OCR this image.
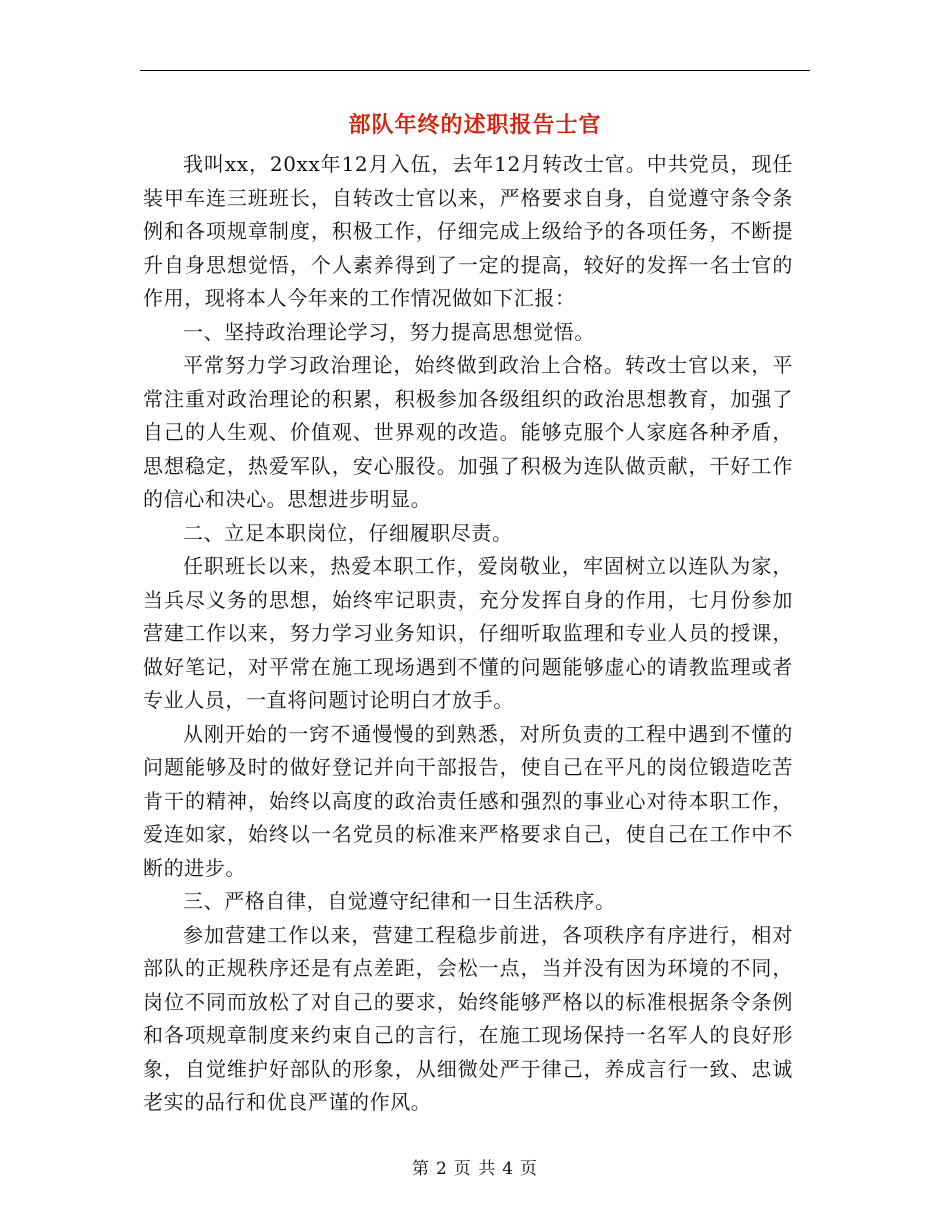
部队年终的述职报告士官

我叫xx，20xx年12月入伍，去年12月转改士官。中共党员，现任装甲车连三班班长，自转改士官以来，严格要求自身，自觉遵守条令条例和各项规章制度，积极工作，仔细完成上级给予的各项任务，不断提升自身思想觉悟，个人素养得到了一定的提高，较好的发挥一名士官的作用，现将本人今年来的工作情况做如下汇报：

一、坚持政治理论学习，努力提高思想觉悟。

平常努力学习政治理论，始终做到政治上合格。转改士官以来，平常注重对政治理论的积累，积极参加各级组织的政治思想教育，加强了自己的人生观、价值观、世界观的改造。能够克服个人家庭各种矛盾，思想稳定，热爱军队，安心服役。加强了积极为连队做贡献，干好工作的信心和决心。思想进步明显。

二、立足本职岗位，仔细履职尽责。

任职班长以来，热爱本职工作，爱岗敬业，牢固树立以连队为家，当兵尽义务的思想，始终牢记职责，充分发挥自身的作用，七月份参加营建工作以来，努力学习业务知识，仔细听取监理和专业人员的授课，做好笔记，对平常在施工现场遇到不懂的问题能够虚心的请教监理或者专业人员，一直将问题讨论明白才放手。

从刚开始的一窍不通慢慢的到熟悉，对所负责的工程中遇到不懂的问题能够及时的做好登记并向干部报告，使自己在平凡的岗位锻造吃苦肯干的精神，始终以高度的政治责任感和强烈的事业心对待本职工作，爱连如家，始终以一名党员的标准来严格要求自己，使自己在工作中不断的进步。

三、严格自律，自觉遵守纪律和一日生活秩序。

参加营建工作以来，营建工程稳步前进，各项秩序有序进行，相对部队的正规秩序还是有点差距，会松一点，当并没有因为环境的不同，岗位不同而放松了对自己的要求，始终能够严格以的标准根据条令条例和各项规章制度来约束自己的言行，在施工现场保持一名军人的良好形象，自觉维护好部队的形象，从细微处严于律己，养成言行一致、忠诚老实的品行和优良严谨的作风。

第 2 页 共 4 页
